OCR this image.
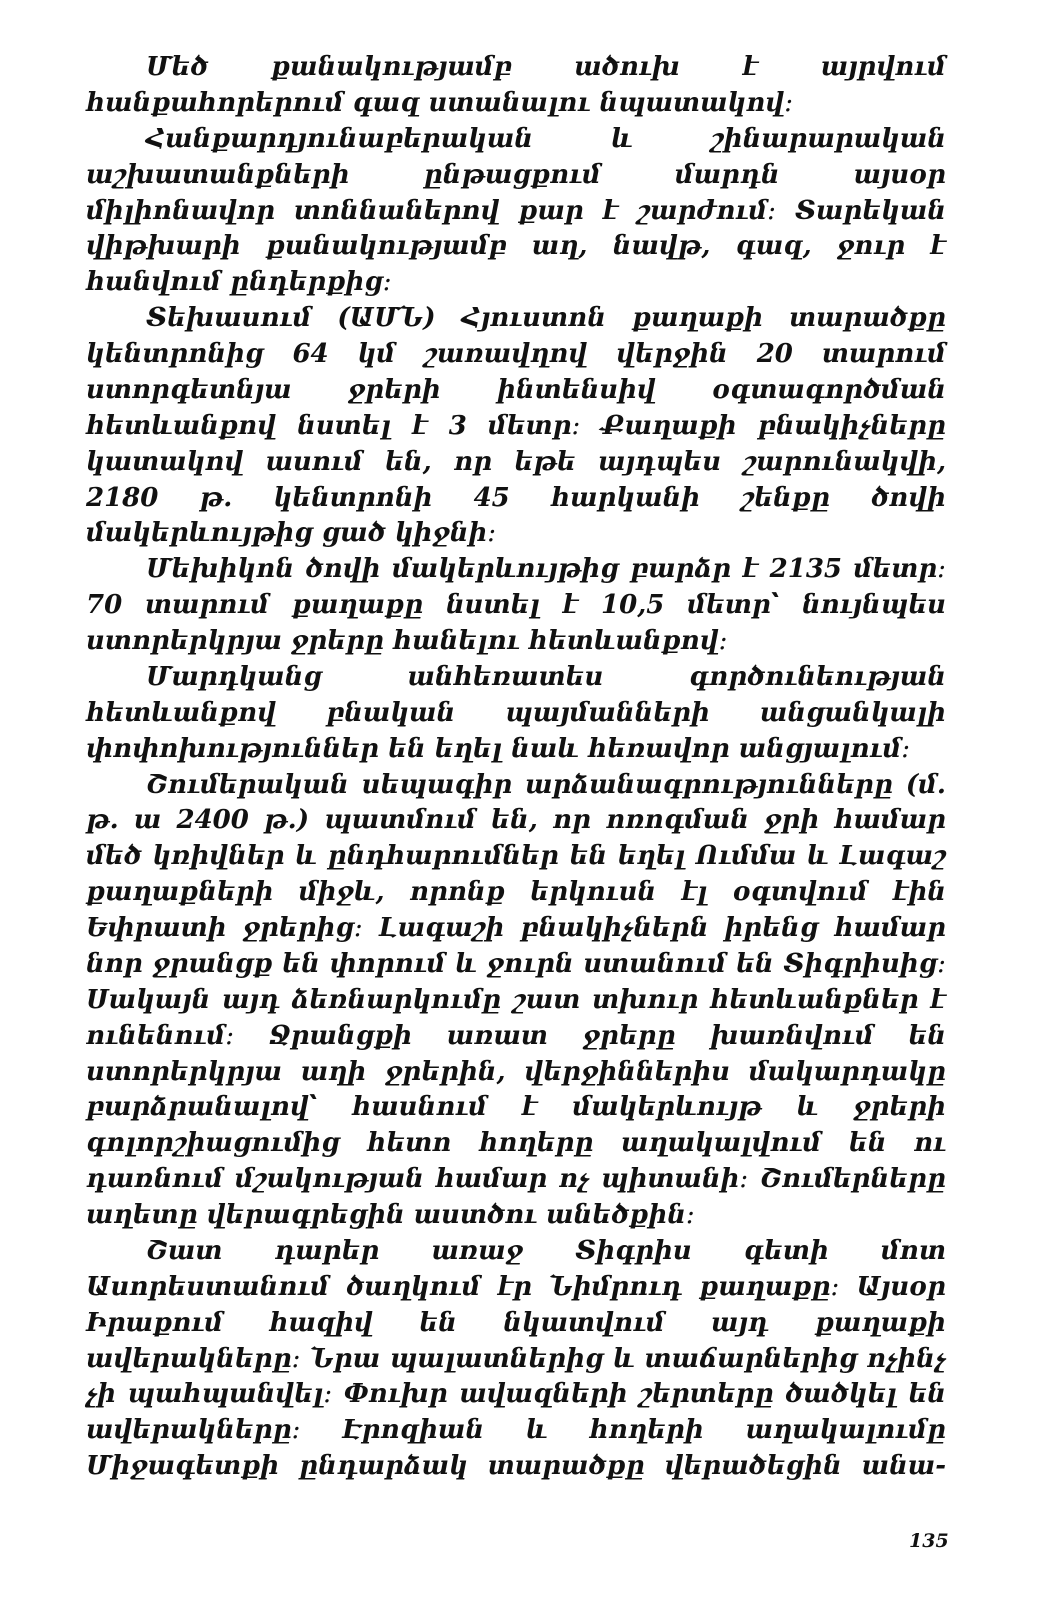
Մեծ քանակությամբ ածուխ է այրվում հանքահորերում գազ ստանալու նպատակով։

Հանքարդյունաբերական և շինարարական աշխատանքների ընթացքում մարդն այսօր միլիոնավոր տոննաներով քար է շարժում։ Տարեկան վիթխարի քանակությամբ աղ, նավթ, գազ, ջուր է հանվում ընդերքից։

Տեխասում (ԱՄՆ) Հյուստոն քաղաքի տարածքը կենտրոնից 64 կմ շառավղով վերջին 20 տարում ստորգետնյա ջրերի ինտենսիվ օգտագործման հետևանքով նստել է 3 մետր։ Քաղաքի բնակիչները կատակով ասում են, որ եթե այդպես շարունակվի, 2180 թ. կենտրոնի 45 հարկանի շենքը ծովի մակերևույթից ցած կիջնի։

Մեխիկոն ծովի մակերևույթից բարձր է 2135 մետր։ 70 տարում քաղաքը նստել է 10,5 մետր՝ նույնպես ստորերկրյա ջրերը հանելու հետևանքով։

Մարդկանց անհեռատես գործունեության հետևանքով բնական պայմանների անցանկալի փոփոխություններ են եղել նաև հեռավոր անցյալում։

Շումերական սեպագիր արձանագրությունները (մ. թ. ա 2400 թ.) պատմում են, որ ոռոգման ջրի համար մեծ կռիվներ և ընդհարումներ են եղել Ումմա և Լագաշ քաղաքների միջև, որոնք երկուսն էլ օգտվում էին Եփրատի ջրերից։ Լագաշի բնակիչներն իրենց համար նոր ջրանցք են փորում և ջուրն ստանում են Տիգրիսից։ Սակայն այդ ձեռնարկումը շատ տխուր հետևանքներ է ունենում։ Ջրանցքի առատ ջրերը խառնվում են ստորերկրյա աղի ջրերին, վերջիններիս մակարդակը բարձրանալով՝ հասնում է մակերևույթ և ջրերի գոլորշիացումից հետո հողերը աղակալվում են ու դառնում մշակության համար ոչ պիտանի։ Շումերները աղետը վերագրեցին աստծու անեծքին։

Շատ դարեր առաջ Տիգրիս գետի մոտ Ասորեստանում ծաղկում էր Նիմրուդ քաղաքը։ Այսօր Իրաքում հազիվ են նկատվում այդ քաղաքի ավերակները։ Նրա պալատներից և տաճարներից ոչինչ չի պահպանվել։ Փուխր ավազների շերտերը ծածկել են ավերակները։ Էրոզիան և հողերի աղակալումը Միջագետքի ընդարձակ տարածքը վերածեցին անա-

135
